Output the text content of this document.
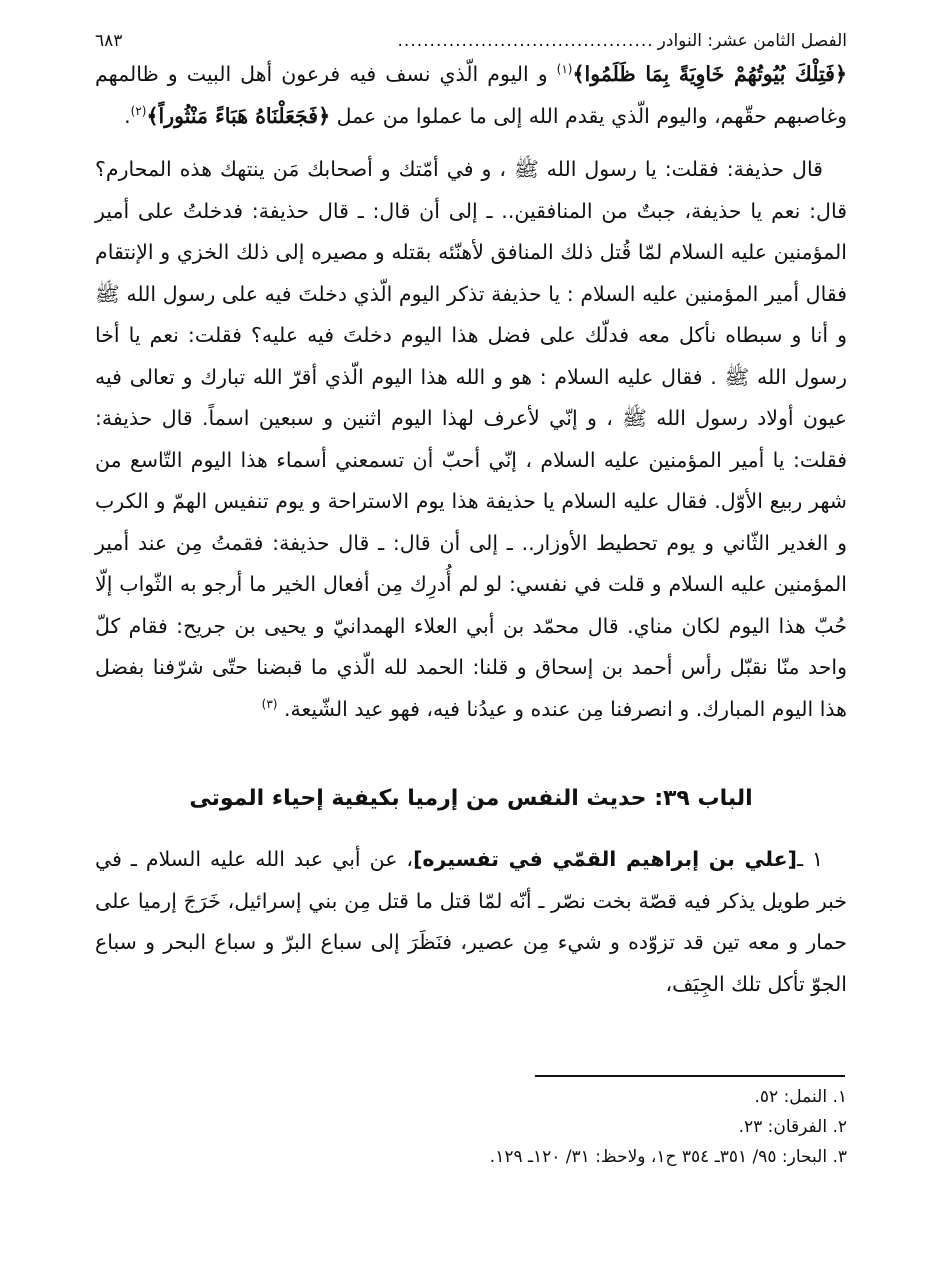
الفصل الثامن عشر: النوادر
........................................
٦٨٣

﴿فَتِلْكَ بُيُوتُهُمْ خَاوِيَةً بِمَا ظَلَمُوا﴾$^{(١)}$ و اليوم الّذي نسف فيه فرعون أهل البيت و ظالمهم وغاصبهم حقّهم، واليوم الّذي يقدم الله إلى ما عملوا من عمل ﴿فَجَعَلْنَاهُ هَبَاءً مَنْثُوراً﴾$^{(٢)}$.

قال حذيفة: فقلت: يا رسول الله ﷺ ، و في أمّتك و أصحابك مَن ينتهك هذه المحارم؟ قال: نعم يا حذيفة، جبتٌ من المنافقين.. ـ إلى أن قال: ـ قال حذيفة: فدخلتُ على أمير المؤمنين عليه السلام لمّا قُتل ذلك المنافق لأهنّئه بقتله و مصيره إلى ذلك الخزي و الإنتقام فقال أمير المؤمنين عليه السلام : يا حذيفة تذكر اليوم الّذي دخلتَ فيه على رسول الله ﷺ و أنا و سبطاه نأكل معه فدلّك على فضل هذا اليوم دخلتَ فيه عليه؟ فقلت: نعم يا أخا رسول الله ﷺ . فقال عليه السلام : هو و الله هذا اليوم الّذي أقرّ الله تبارك و تعالى فيه عيون أولاد رسول الله ﷺ ، و إنّي لأعرف لهذا اليوم اثنين و سبعين اسماً. قال حذيفة: فقلت: يا أمير المؤمنين عليه السلام ، إنّي أحبّ أن تسمعني أسماء هذا اليوم التّاسع من شهر ربيع الأوّل. فقال عليه السلام يا حذيفة هذا يوم الاستراحة و يوم تنفيس الهمّ و الكرب و الغدير الثّاني و يوم تحطيط الأوزار.. ـ إلى أن قال: ـ قال حذيفة: فقمتُ مِن عند أمير المؤمنين عليه السلام و قلت في نفسي: لو لم أُدرِك مِن أفعال الخير ما أرجو به الثّواب إلّا حُبّ هذا اليوم لكان مناي. قال محمّد بن أبي العلاء الهمدانيّ و يحيى بن جريح: فقام كلّ واحد منّا نقبّل رأس أحمد بن إسحاق و قلنا: الحمد لله الّذي ما قبضنا حتّى شرّفنا بفضل هذا اليوم المبارك. و انصرفنا مِن عنده و عيدُنا فيه، فهو عيد الشّيعة. $^{(٣)}$

الباب ٣٩: حديث النفس من إرميا بكيفية إحياء الموتى

١ ـ[علي بن إبراهيم القمّي في تفسيره]، عن أبي عبد الله عليه السلام ـ في خبر طويل يذكر فيه قصّة بخت نصّر ـ أنّه لمّا قتل ما قتل مِن بني إسرائيل، خَرَجَ إرميا على حمار و معه تين قد تزوّده و شيء مِن عصير، فنَظَرَ إلى سباع البرّ و سباع البحر و سباع الجوّ تأكل تلك الجِيَف،

١. النمل: ٥٢.
٢. الفرقان: ٢٣.
٣. البحار: ٩٥/ ٣٥١ـ ٣٥٤ ح١، ولاحظ: ٣١/ ١٢٠ـ ١٢٩.
